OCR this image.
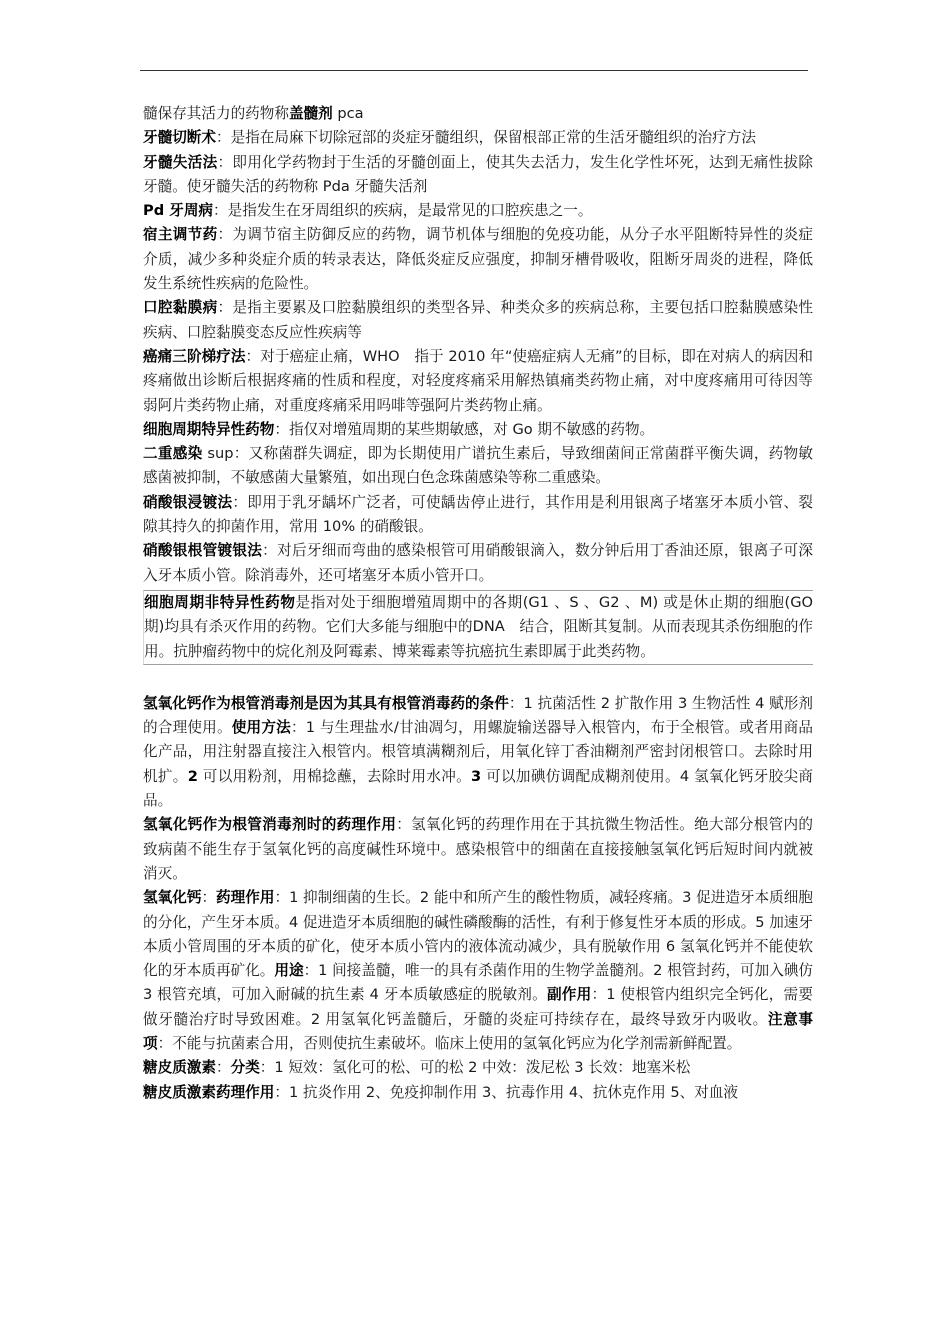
髓保存其活力的药物称盖髓剂 pca

牙髓切断术：是指在局麻下切除冠部的炎症牙髓组织，保留根部正常的生活牙髓组织的治疗方法

牙髓失活法：即用化学药物封于生活的牙髓创面上，使其失去活力，发生化学性坏死，达到无痛性拔除牙髓。使牙髓失活的药物称 Pda 牙髓失活剂

Pd 牙周病：是指发生在牙周组织的疾病，是最常见的口腔疾患之一。

宿主调节药：为调节宿主防御反应的药物，调节机体与细胞的免疫功能，从分子水平阻断特异性的炎症介质，减少多种炎症介质的转录表达，降低炎症反应强度，抑制牙槽骨吸收，阻断牙周炎的进程，降低发生系统性疾病的危险性。

口腔黏膜病：是指主要累及口腔黏膜组织的类型各异、种类众多的疾病总称，主要包括口腔黏膜感染性疾病、口腔黏膜变态反应性疾病等

癌痛三阶梯疗法：对于癌症止痛，WHO　指于 2010 年“使癌症病人无痛”的目标，即在对病人的病因和疼痛做出诊断后根据疼痛的性质和程度，对轻度疼痛采用解热镇痛类药物止痛，对中度疼痛用可待因等弱阿片类药物止痛，对重度疼痛采用吗啡等强阿片类药物止痛。

细胞周期特异性药物：指仅对增殖周期的某些期敏感，对 Go 期不敏感的药物。

二重感染 sup：又称菌群失调症，即为长期使用广谱抗生素后，导致细菌间正常菌群平衡失调，药物敏感菌被抑制，不敏感菌大量繁殖，如出现白色念珠菌感染等称二重感染。

硝酸银浸镀法：即用于乳牙龋坏广泛者，可使龋齿停止进行，其作用是利用银离子堵塞牙本质小管、裂隙其持久的抑菌作用，常用 10% 的硝酸银。

硝酸银根管镀银法：对后牙细而弯曲的感染根管可用硝酸银滴入，数分钟后用丁香油还原，银离子可深入牙本质小管。除消毒外，还可堵塞牙本质小管开口。

细胞周期非特异性药物是指对处于细胞增殖周期中的各期(G1 、S 、G2 、M) 或是休止期的细胞(GO 期)均具有杀灭作用的药物。它们大多能与细胞中的DNA　结合，阻断其复制。从而表现其杀伤细胞的作用。抗肿瘤药物中的烷化剂及阿霉素、博莱霉素等抗癌抗生素即属于此类药物。

氢氧化钙作为根管消毒剂是因为其具有根管消毒药的条件：1 抗菌活性 2 扩散作用 3 生物活性 4 赋形剂的合理使用。使用方法：1 与生理盐水/甘油凋匀，用螺旋输送器导入根管内，布于全根管。或者用商品化产品，用注射器直接注入根管内。根管填满糊剂后，用氧化锌丁香油糊剂严密封闭根管口。去除时用机扩。2 可以用粉剂，用棉捻蘸，去除时用水冲。3 可以加碘仿调配成糊剂使用。4 氢氧化钙牙胶尖商品。

氢氧化钙作为根管消毒剂时的药理作用：氢氧化钙的药理作用在于其抗微生物活性。绝大部分根管内的致病菌不能生存于氢氧化钙的高度碱性环境中。感染根管中的细菌在直接接触氢氧化钙后短时间内就被消灭。

氢氧化钙：药理作用：1 抑制细菌的生长。2 能中和所产生的酸性物质，减轻疼痛。3 促进造牙本质细胞的分化，产生牙本质。4 促进造牙本质细胞的碱性磷酸酶的活性，有利于修复性牙本质的形成。5 加速牙本质小管周围的牙本质的矿化，使牙本质小管内的液体流动减少，具有脱敏作用 6 氢氧化钙并不能使软化的牙本质再矿化。用途：1 间接盖髓，唯一的具有杀菌作用的生物学盖髓剂。2 根管封药，可加入碘仿 3 根管充填，可加入耐碱的抗生素 4 牙本质敏感症的脱敏剂。副作用：1 使根管内组织完全钙化，需要做牙髓治疗时导致困难。2 用氢氧化钙盖髓后，牙髓的炎症可持续存在，最终导致牙内吸收。注意事项：不能与抗菌素合用，否则使抗生素破坏。临床上使用的氢氧化钙应为化学剂需新鲜配置。

糖皮质激素：分类：1 短效：氢化可的松、可的松 2 中效：泼尼松 3 长效：地塞米松

糖皮质激素药理作用：1 抗炎作用 2、免疫抑制作用 3、抗毒作用 4、抗休克作用 5、对血液
